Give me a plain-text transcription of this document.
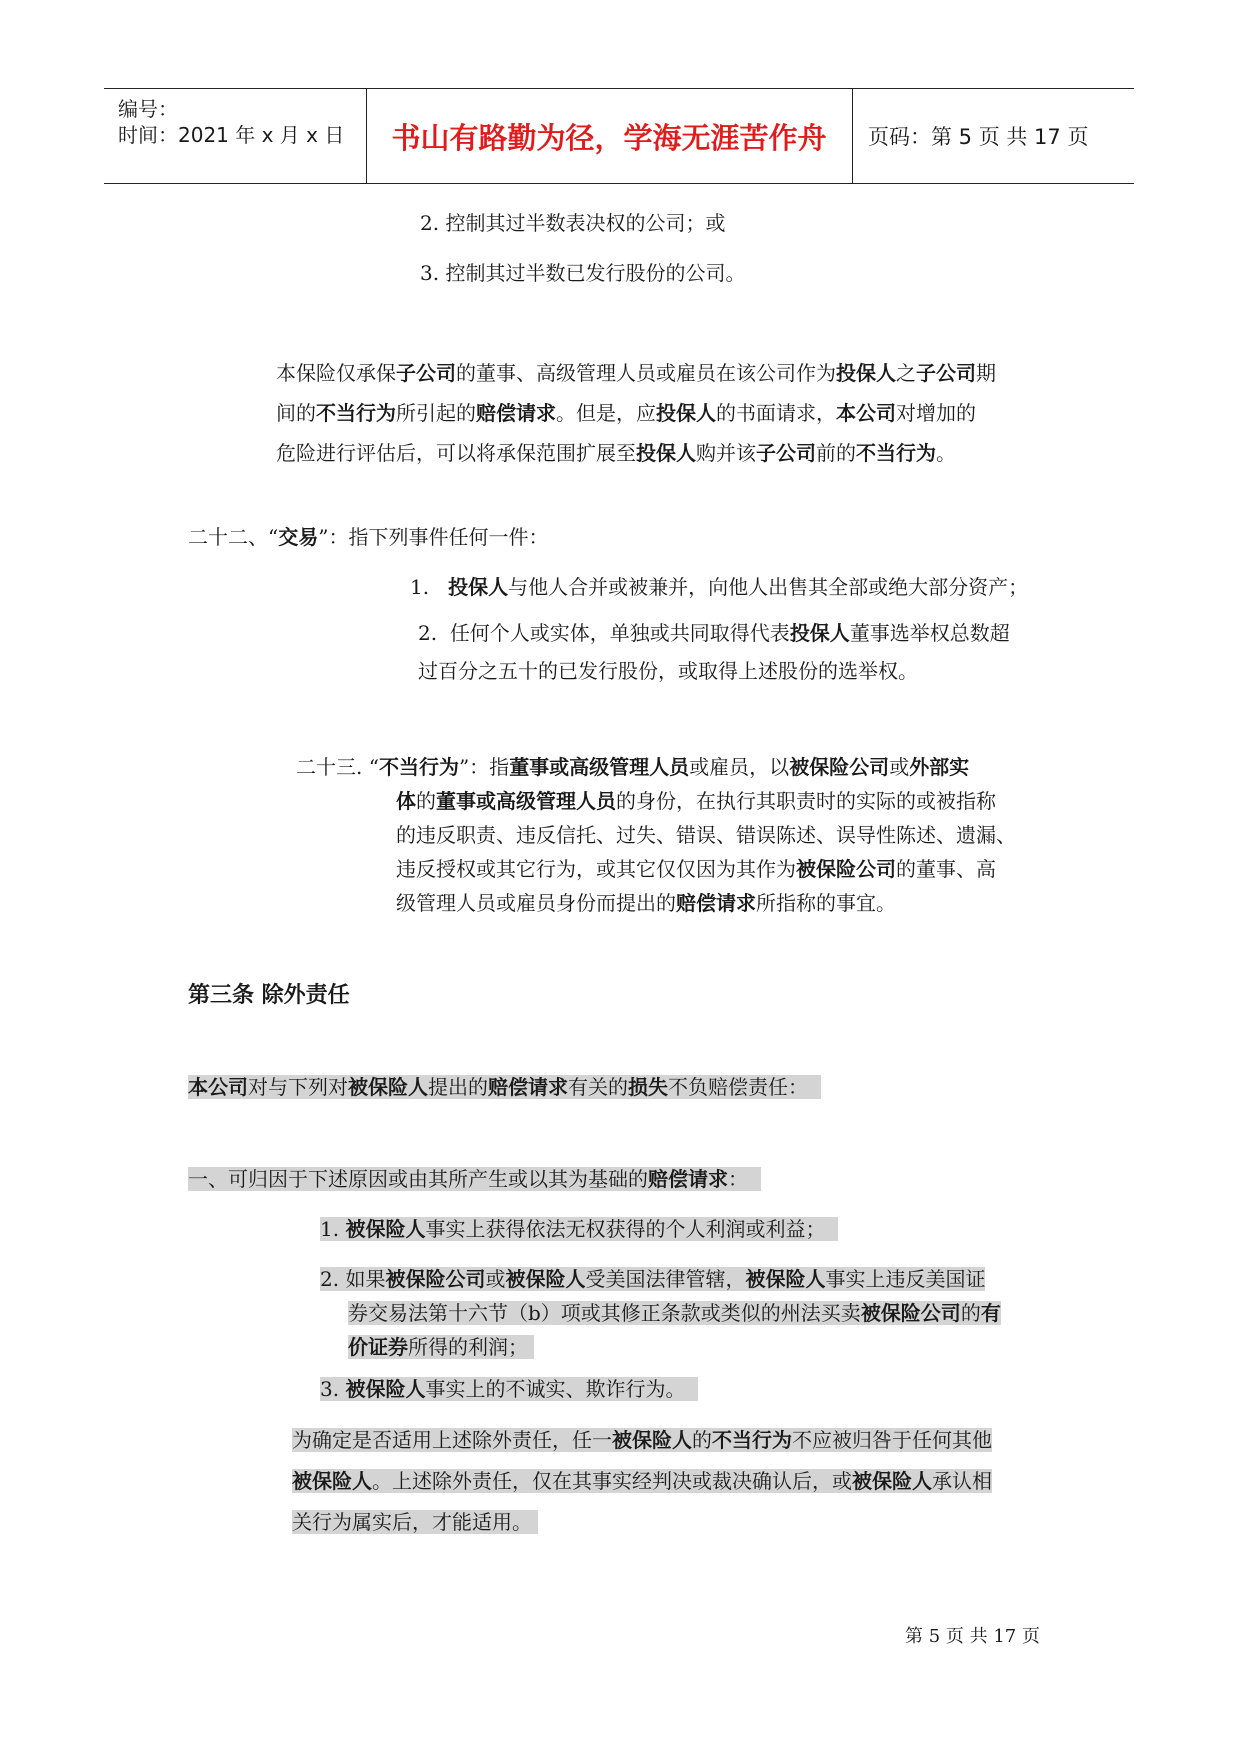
编号：
时间：2021 年 x 月 x 日	书山有路勤为径，学海无涯苦作舟	页码：第 5 页 共 17 页
2. 控制其过半数表决权的公司；或
3. 控制其过半数已发行股份的公司。
本保险仅承保子公司的董事、高级管理人员或雇员在该公司作为投保人之子公司期
间的不当行为所引起的赔偿请求。但是，应投保人的书面请求，本公司对增加的
危险进行评估后，可以将承保范围扩展至投保人购并该子公司前的不当行为。
二十二、“交易”：指下列事件任何一件：
1. 投保人与他人合并或被兼并，向他人出售其全部或绝大部分资产；
2. 任何个人或实体，单独或共同取得代表投保人董事选举权总数超
过百分之五十的已发行股份，或取得上述股份的选举权。
二十三. “不当行为”：指董事或高级管理人员或雇员，以被保险公司或外部实
体的董事或高级管理人员的身份，在执行其职责时的实际的或被指称
的违反职责、违反信托、过失、错误、错误陈述、误导性陈述、遗漏、
违反授权或其它行为，或其它仅仅因为其作为被保险公司的董事、高
级管理人员或雇员身份而提出的赔偿请求所指称的事宜。
第三条 除外责任
本公司对与下列对被保险人提出的赔偿请求有关的损失不负赔偿责任：
一、可归因于下述原因或由其所产生或以其为基础的赔偿请求：
1. 被保险人事实上获得依法无权获得的个人利润或利益；
2. 如果被保险公司或被保险人受美国法律管辖，被保险人事实上违反美国证
券交易法第十六节（b）项或其修正条款或类似的州法买卖被保险公司的有
价证券所得的利润；
3. 被保险人事实上的不诚实、欺诈行为。
为确定是否适用上述除外责任，任一被保险人的不当行为不应被归咎于任何其他
被保险人。上述除外责任，仅在其事实经判决或裁决确认后，或被保险人承认相
关行为属实后，才能适用。
第 5 页 共 17 页
